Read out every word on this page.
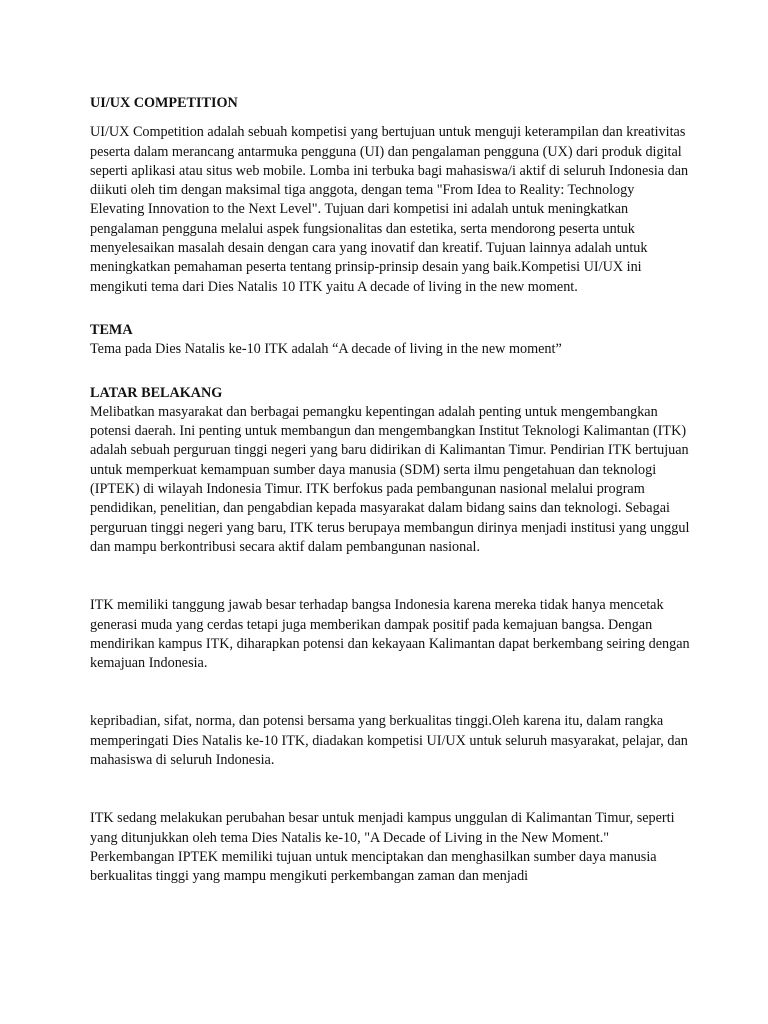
UI/UX COMPETITION

UI/UX Competition adalah sebuah kompetisi yang bertujuan untuk menguji keterampilan dan kreativitas peserta dalam merancang antarmuka pengguna (UI) dan pengalaman pengguna (UX) dari produk digital seperti aplikasi atau situs web mobile. Lomba ini terbuka bagi mahasiswa/i aktif di seluruh Indonesia dan diikuti oleh tim dengan maksimal tiga anggota, dengan tema "From Idea to Reality: Technology Elevating Innovation to the Next Level". Tujuan dari kompetisi ini adalah untuk meningkatkan pengalaman pengguna melalui aspek fungsionalitas dan estetika, serta mendorong peserta untuk menyelesaikan masalah desain dengan cara yang inovatif dan kreatif. Tujuan lainnya adalah untuk meningkatkan pemahaman peserta tentang prinsip-prinsip desain yang baik.Kompetisi UI/UX ini mengikuti tema dari Dies Natalis 10 ITK yaitu A decade of living in the new moment.

TEMA

Tema pada Dies Natalis ke-10 ITK adalah “A decade of living in the new moment”

LATAR BELAKANG

Melibatkan masyarakat dan berbagai pemangku kepentingan adalah penting untuk mengembangkan potensi daerah. Ini penting untuk membangun dan mengembangkan Institut Teknologi Kalimantan (ITK) adalah sebuah perguruan tinggi negeri yang baru didirikan di Kalimantan Timur. Pendirian ITK bertujuan untuk memperkuat kemampuan sumber daya manusia (SDM) serta ilmu pengetahuan dan teknologi (IPTEK) di wilayah Indonesia Timur. ITK berfokus pada pembangunan nasional melalui program pendidikan, penelitian, dan pengabdian kepada masyarakat dalam bidang sains dan teknologi. Sebagai perguruan tinggi negeri yang baru, ITK terus berupaya membangun dirinya menjadi institusi yang unggul dan mampu berkontribusi secara aktif dalam pembangunan nasional.

ITK memiliki tanggung jawab besar terhadap bangsa Indonesia karena mereka tidak hanya mencetak generasi muda yang cerdas tetapi juga memberikan dampak positif pada kemajuan bangsa. Dengan mendirikan kampus ITK, diharapkan potensi dan kekayaan Kalimantan dapat berkembang seiring dengan kemajuan Indonesia.

kepribadian, sifat, norma, dan potensi bersama yang berkualitas tinggi.Oleh karena itu, dalam rangka memperingati Dies Natalis ke-10 ITK, diadakan kompetisi UI/UX untuk seluruh masyarakat, pelajar, dan mahasiswa di seluruh Indonesia.

ITK sedang melakukan perubahan besar untuk menjadi kampus unggulan di Kalimantan Timur, seperti yang ditunjukkan oleh tema Dies Natalis ke-10, "A Decade of Living in the New Moment." Perkembangan IPTEK memiliki tujuan untuk menciptakan dan menghasilkan sumber daya manusia berkualitas tinggi yang mampu mengikuti perkembangan zaman dan menjadi
